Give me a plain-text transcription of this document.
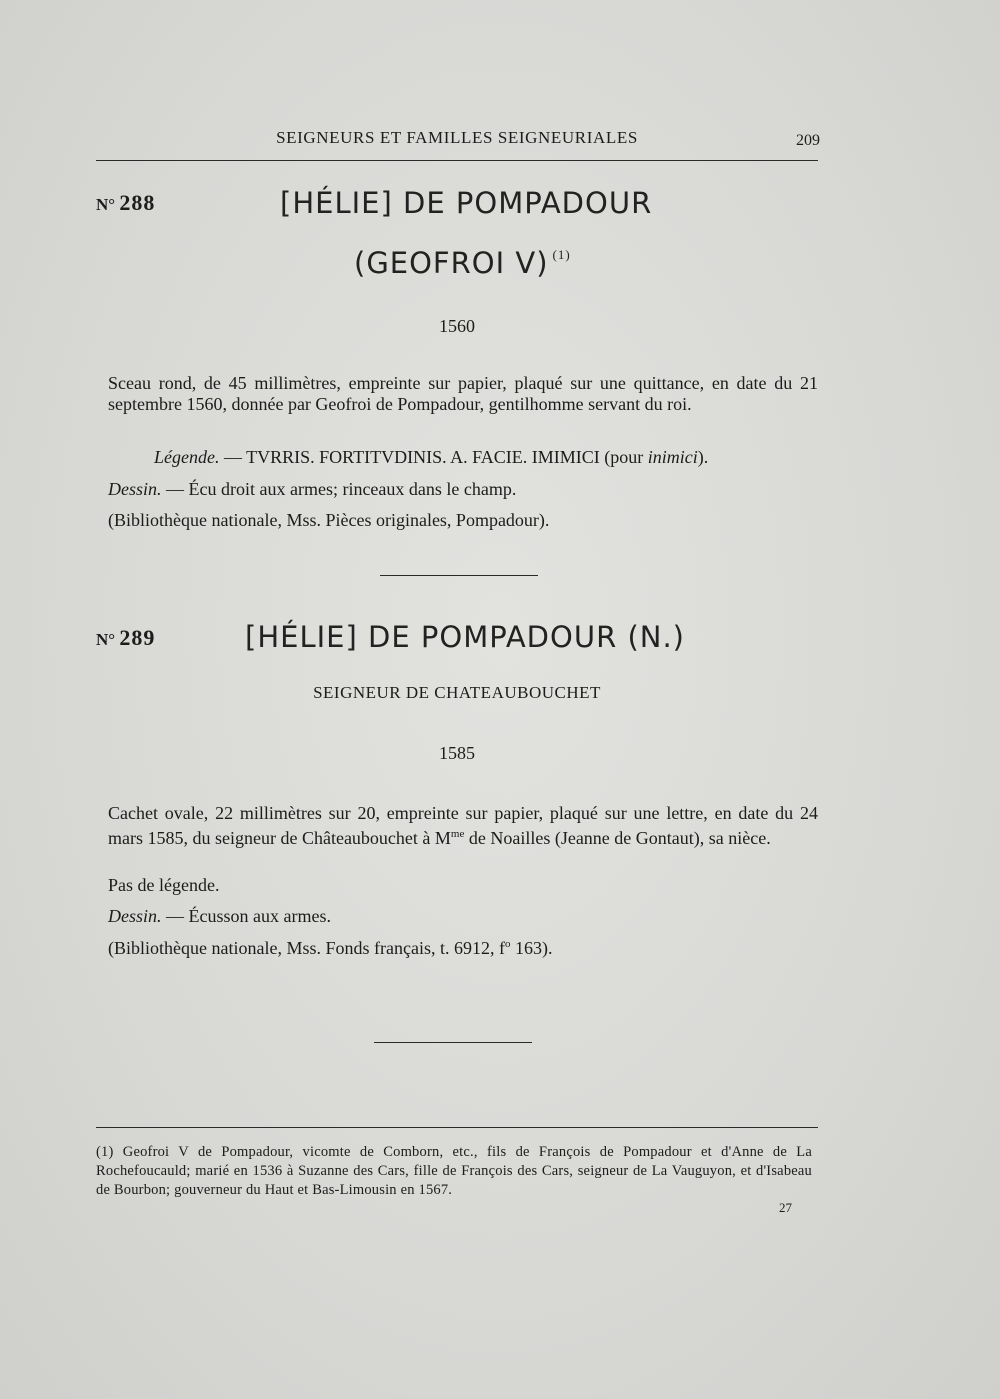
SEIGNEURS ET FAMILLES SEIGNEURIALES	209
N° 288	[HÉLIE] DE POMPADOUR
(GEOFROI V) $^{(1)}$
1560
Sceau rond, de 45 millimètres, empreinte sur papier, plaqué sur une quittance, en date du 21 septembre 1560, donnée par Geofroi de Pompadour, gentilhomme servant du roi.
Légende. — TVRRIS. FORTITVDINIS. A. FACIE. IMIMICI (pour inimici).
Dessin. — Écu droit aux armes; rinceaux dans le champ.
(Bibliothèque nationale, Mss. Pièces originales, Pompadour).
N° 289	[HÉLIE] DE POMPADOUR (N.)
SEIGNEUR DE CHATEAUBOUCHET
1585
Cachet ovale, 22 millimètres sur 20, empreinte sur papier, plaqué sur une lettre, en date du 24 mars 1585, du seigneur de Châteaubouchet à $M^{me}$ de Noailles (Jeanne de Gontaut), sa nièce.
Pas de légende.
Dessin. — Écusson aux armes.
(Bibliothèque nationale, Mss. Fonds français, t. 6912, $f^o$ 163).
(1) Geofroi V de Pompadour, vicomte de Comborn, etc., fils de François de Pompadour et d'Anne de La Rochefoucauld; marié en 1536 à Suzanne des Cars, fille de François des Cars, seigneur de La Vauguyon, et d'Isabeau de Bourbon; gouverneur du Haut et Bas-Limousin en 1567.
27
